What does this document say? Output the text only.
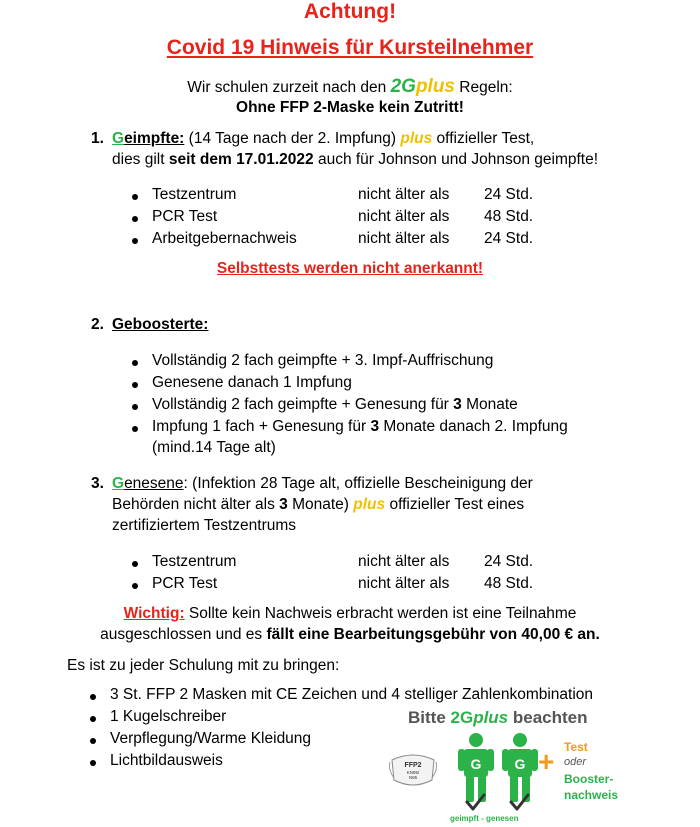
Achtung!
Covid 19 Hinweis für Kursteilnehmer
Wir schulen zurzeit nach den 2Gplus Regeln:
Ohne FFP 2-Maske kein Zutritt!
1. Geimpfte: (14 Tage nach der 2. Impfung) plus offizieller Test,
dies gilt seit dem 17.01.2022 auch für Johnson und Johnson geimpfte!
Testzentrum	nicht älter als 24 Std.
PCR Test	nicht älter als 48 Std.
Arbeitgebernachweis	nicht älter als 24 Std.
Selbsttests werden nicht anerkannt!
2. Geboosterte:
Vollständig 2 fach geimpfte + 3. Impf-Auffrischung
Genesene danach 1 Impfung
Vollständig 2 fach geimpfte + Genesung für 3 Monate
Impfung 1 fach + Genesung für 3 Monate danach 2. Impfung
(mind.14 Tage alt)
3. Genesene: (Infektion 28 Tage alt, offizielle Bescheinigung der
Behörden nicht älter als 3 Monate) plus offizieller Test eines
zertifiziertem Testzentrums
Testzentrum	nicht älter als 24 Std.
PCR Test	nicht älter als 48 Std.
Wichtig: Sollte kein Nachweis erbracht werden ist eine Teilnahme
ausgeschlossen und es fällt eine Bearbeitungsgebühr von 40,00 € an.
Es ist zu jeder Schulung mit zu bringen:
3 St. FFP 2 Masken mit CE Zeichen und 4 stelliger Zahlenkombination
1 Kugelschreiber
Verpflegung/Warme Kleidung
Lichtbildausweis
Bitte 2Gplus beachten
FFP2
KN95/
N95
G G + Test
oder
Booster-
nachweis
geimpft - genesen
